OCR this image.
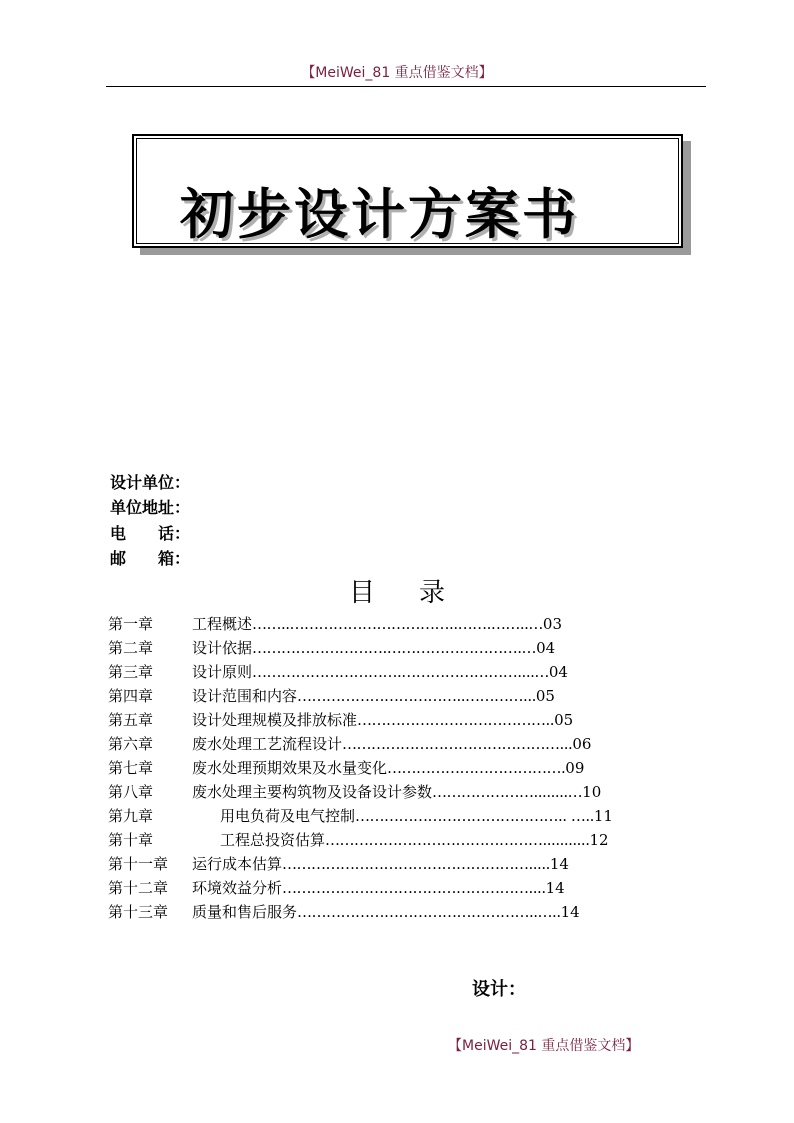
【MeiWei_81 重点借鉴文档】
初步设计方案书
设计单位：
单位地址：
电　　话：
邮　　箱：
目 录
第一章	工程概述……..……………………………..…….……..…03
第二章	设计依据……………………….……………………….…04
第三章	设计原则………………………….……………………....…04
第四章	设计范围和内容……………………………..…………...05
第五章	设计处理规模及排放标准…………………………………..05
第六章	废水处理工艺流程设计………………………………………...06
第七章	废水处理预期效果及水量变化……………………………….09
第八章	废水处理主要构筑物及设备设计参数…………………........…10
第九章	用电负荷及电气控制…………………………………….. …..11
第十章	工程总投资估算………………………………………...........12
第十一章 运行成本估算…………………………………………….....14
第十二章 环境效益分析……………………………………………....14
第十三章 质量和售后服务…………………………………………..…..14
设计：
【MeiWei_81 重点借鉴文档】
